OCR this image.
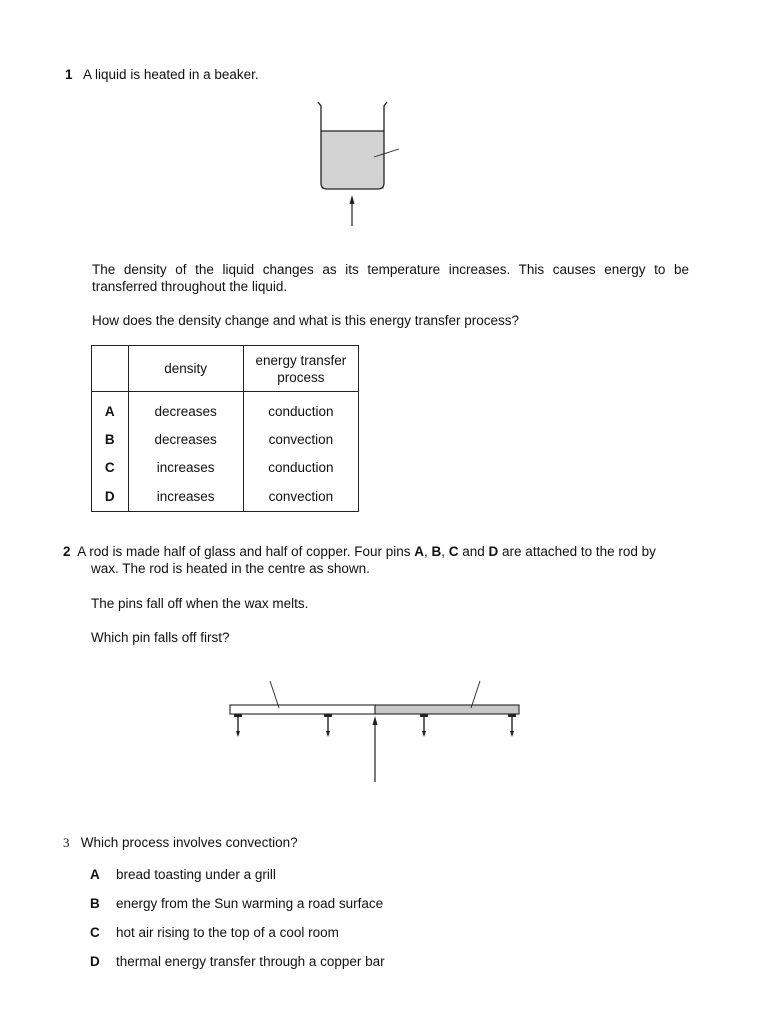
1 A liquid is heated in a beaker.
The density of the liquid changes as its temperature increases. This causes energy to be transferred throughout the liquid.
How does the density change and what is this energy transfer process?
	density	energy transfer process
A	decreases	conduction
B	decreases	convection
C	increases	conduction
D	increases	convection
2 A rod is made half of glass and half of copper. Four pins A, B, C and D are attached to the rod by
wax. The rod is heated in the centre as shown.
The pins fall off when the wax melts.
Which pin falls off first?
3 Which process involves convection?
A bread toasting under a grill
B energy from the Sun warming a road surface
C hot air rising to the top of a cool room
D thermal energy transfer through a copper bar
